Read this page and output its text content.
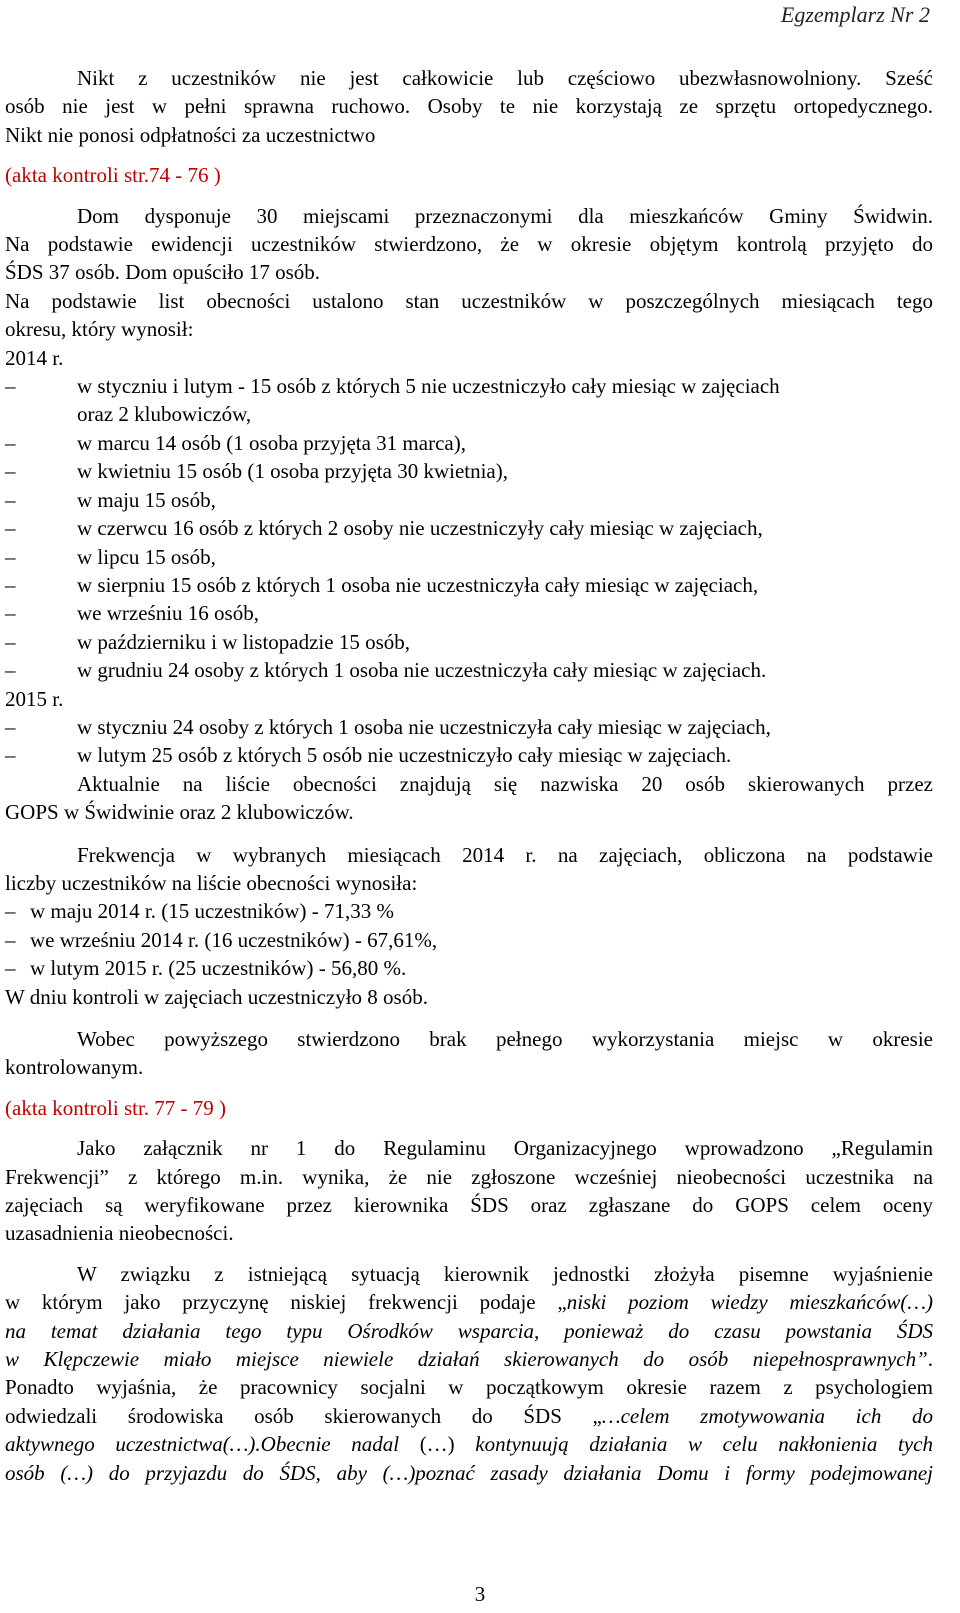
Egzemplarz Nr 2
Nikt z uczestników nie jest całkowicie lub częściowo ubezwłasnowolniony. Sześć
osób nie jest w pełni sprawna ruchowo. Osoby te nie korzystają ze sprzętu ortopedycznego.
Nikt nie ponosi odpłatności za uczestnictwo
(akta kontroli str.74 - 76 )
Dom dysponuje 30 miejscami przeznaczonymi dla mieszkańców Gminy Świdwin.
Na podstawie ewidencji uczestników stwierdzono, że w okresie objętym kontrolą przyjęto do
ŚDS 37 osób. Dom opuściło 17 osób.
Na podstawie list obecności ustalono stan uczestników w poszczególnych miesiącach tego
okresu, który wynosił:
2014 r.
–	w styczniu i lutym - 15 osób z których 5 nie uczestniczyło cały miesiąc w zajęciach
oraz 2 klubowiczów,
–	w marcu 14 osób (1 osoba przyjęta 31 marca),
–	w kwietniu 15 osób (1 osoba przyjęta 30 kwietnia),
–	w maju 15 osób,
–	w czerwcu 16 osób z których 2 osoby nie uczestniczyły cały miesiąc w zajęciach,
–	w lipcu 15 osób,
–	w sierpniu 15 osób z których 1 osoba nie uczestniczyła cały miesiąc w zajęciach,
–	we wrześniu 16 osób,
–	w październiku i w listopadzie 15 osób,
–	w grudniu 24 osoby z których 1 osoba nie uczestniczyła cały miesiąc w zajęciach.
2015 r.
–	w styczniu 24 osoby z których 1 osoba nie uczestniczyła cały miesiąc w zajęciach,
–	w lutym 25 osób z których 5 osób nie uczestniczyło cały miesiąc w zajęciach.
Aktualnie na liście obecności znajdują się nazwiska 20 osób skierowanych przez
GOPS w Świdwinie oraz 2 klubowiczów.
Frekwencja w wybranych miesiącach 2014 r. na zajęciach, obliczona na podstawie
liczby uczestników na liście obecności wynosiła:
– w maju 2014 r. (15 uczestników) - 71,33 %
– we wrześniu 2014 r. (16 uczestników) - 67,61%,
– w lutym 2015 r. (25 uczestników) - 56,80 %.
W dniu kontroli w zajęciach uczestniczyło 8 osób.
Wobec powyższego stwierdzono brak pełnego wykorzystania miejsc w okresie
kontrolowanym.
(akta kontroli str. 77 - 79 )
Jako załącznik nr 1 do Regulaminu Organizacyjnego wprowadzono „Regulamin
Frekwencji” z którego m.in. wynika, że nie zgłoszone wcześniej nieobecności uczestnika na
zajęciach są weryfikowane przez kierownika ŚDS oraz zgłaszane do GOPS celem oceny
uzasadnienia nieobecności.
W związku z istniejącą sytuacją kierownik jednostki złożyła pisemne wyjaśnienie
w którym jako przyczynę niskiej frekwencji podaje „niski poziom wiedzy mieszkańców(…)
na temat działania tego typu Ośrodków wsparcia, ponieważ do czasu powstania ŚDS
w Klępczewie miało miejsce niewiele działań skierowanych do osób niepełnosprawnych”.
Ponadto wyjaśnia, że pracownicy socjalni w początkowym okresie razem z psychologiem
odwiedzali środowiska osób skierowanych do ŚDS „…celem zmotywowania ich do
aktywnego uczestnictwa(…).Obecnie nadal (…) kontynuują działania w celu nakłonienia tych
osób (…) do przyjazdu do ŚDS, aby (…)poznać zasady działania Domu i formy podejmowanej
3
